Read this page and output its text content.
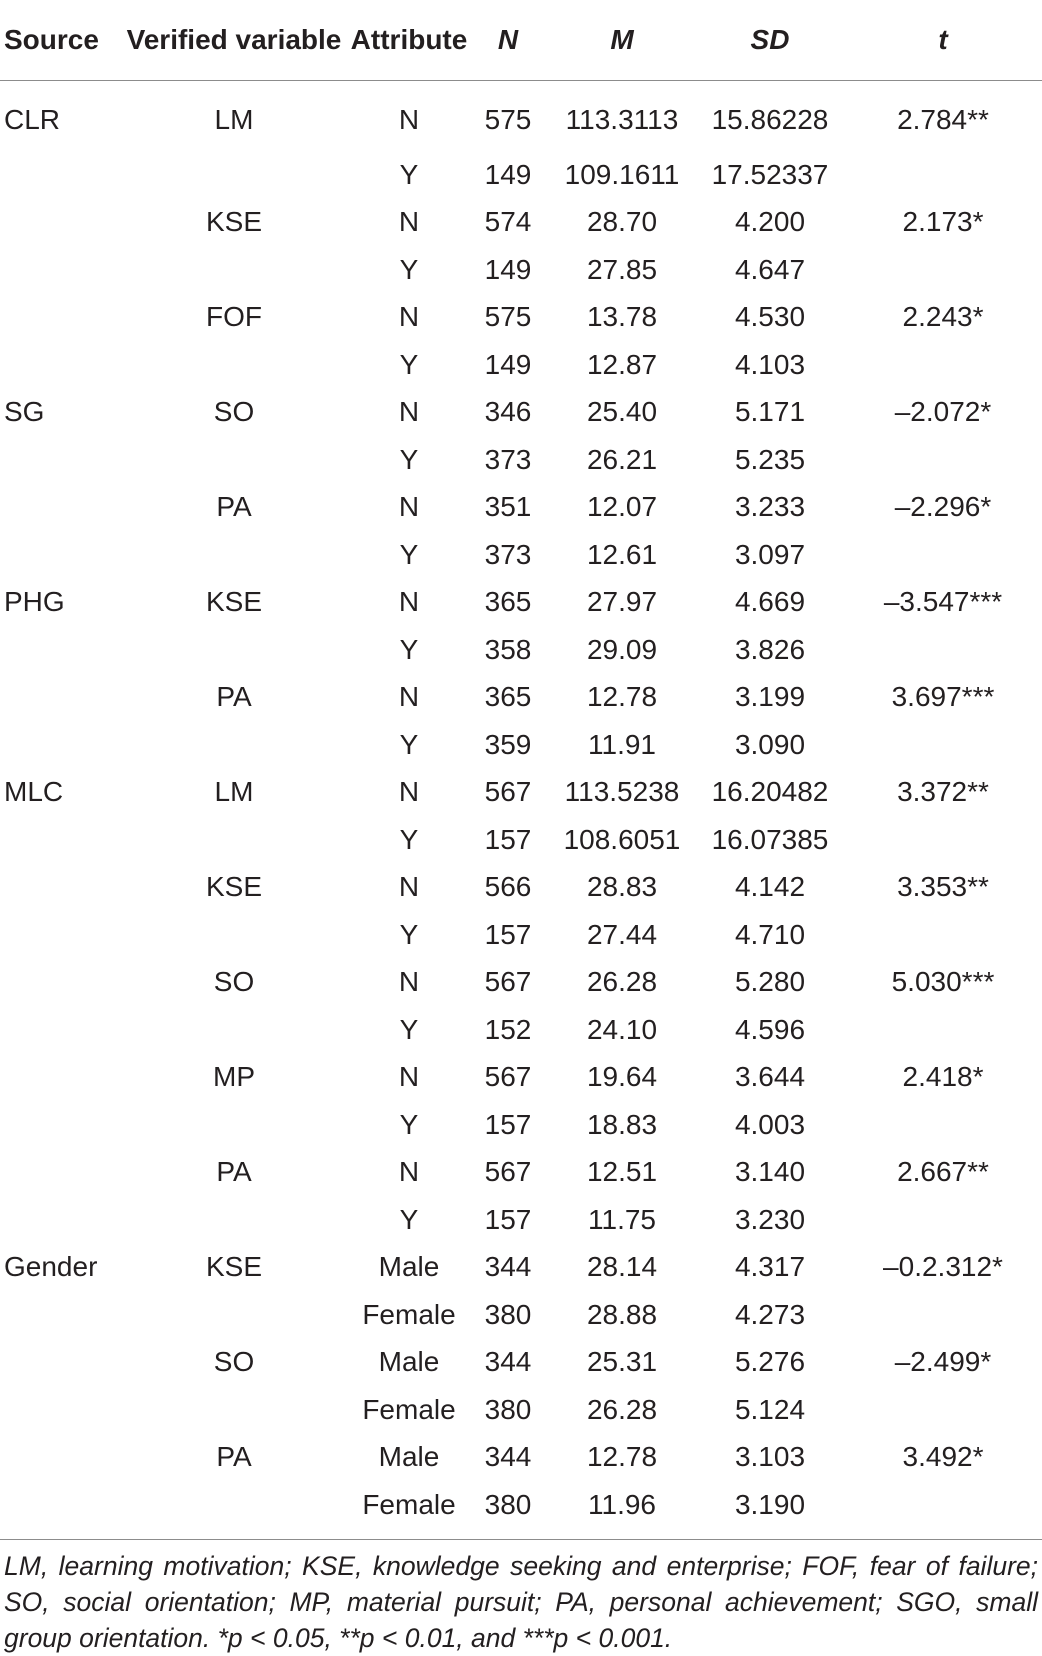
Source	Verified variable	Attribute	N	M	SD	t
CLR	LM	N	575	113.3113	15.86228	2.784**
		Y	149	109.1611	17.52337	
	KSE	N	574	28.70	4.200	2.173*
		Y	149	27.85	4.647	
	FOF	N	575	13.78	4.530	2.243*
		Y	149	12.87	4.103	
SG	SO	N	346	25.40	5.171	–2.072*
		Y	373	26.21	5.235	
	PA	N	351	12.07	3.233	–2.296*
		Y	373	12.61	3.097	
PHG	KSE	N	365	27.97	4.669	–3.547***
		Y	358	29.09	3.826	
	PA	N	365	12.78	3.199	3.697***
		Y	359	11.91	3.090	
MLC	LM	N	567	113.5238	16.20482	3.372**
		Y	157	108.6051	16.07385	
	KSE	N	566	28.83	4.142	3.353**
		Y	157	27.44	4.710	
	SO	N	567	26.28	5.280	5.030***
		Y	152	24.10	4.596	
	MP	N	567	19.64	3.644	2.418*
		Y	157	18.83	4.003	
	PA	N	567	12.51	3.140	2.667**
		Y	157	11.75	3.230	
Gender	KSE	Male	344	28.14	4.317	–0.2.312*
		Female	380	28.88	4.273	
	SO	Male	344	25.31	5.276	–2.499*
		Female	380	26.28	5.124	
	PA	Male	344	12.78	3.103	3.492*
		Female	380	11.96	3.190	
LM, learning motivation; KSE, knowledge seeking and enterprise; FOF, fear of failure; SO, social orientation; MP, material pursuit; PA, personal achievement; SGO, small group orientation. *p < 0.05, **p < 0.01, and ***p < 0.001.
